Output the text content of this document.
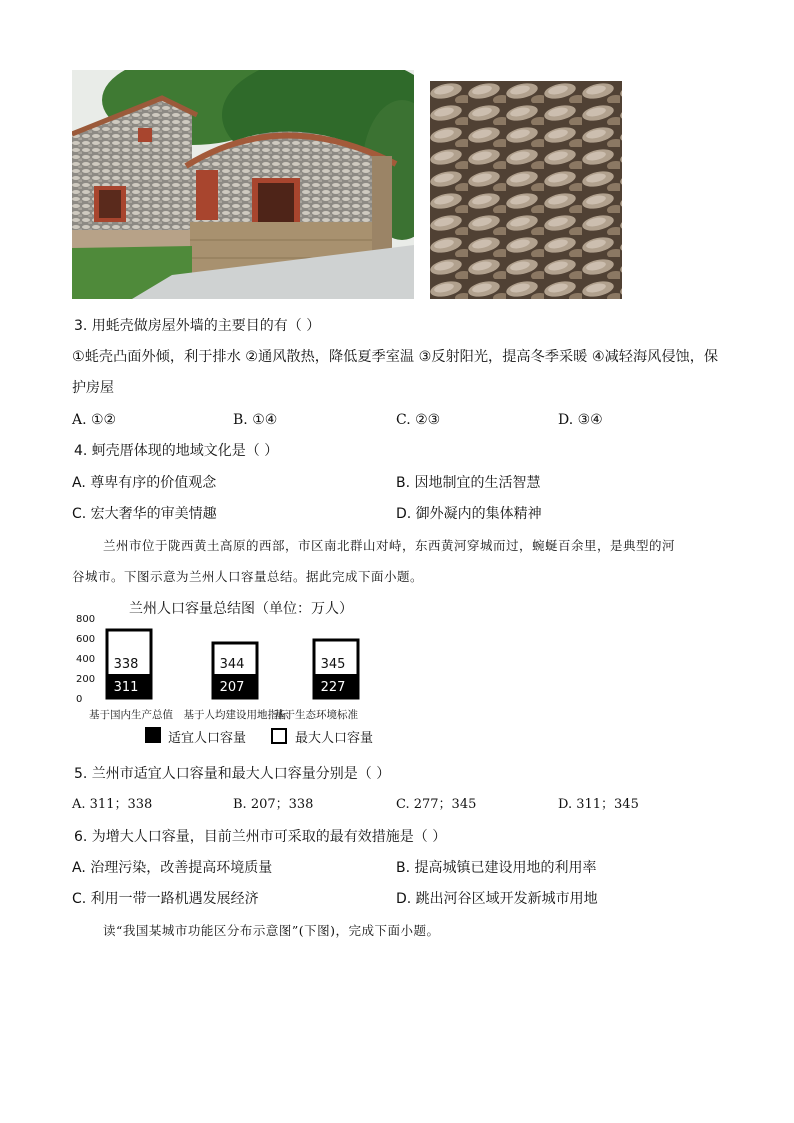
3. 用蚝壳做房屋外墙的主要目的有（ ）
①蚝壳凸面外倾，利于排水 ②通风散热，降低夏季室温 ③反射阳光，提高冬季采暖 ④减轻海风侵蚀，保
护房屋
A. ①②	B. ①④	C. ②③	D. ③④
4. 蚵壳厝体现的地域文化是（ ）
A. 尊卑有序的价值观念	B. 因地制宜的生活智慧
C. 宏大奢华的审美情趣	D. 御外凝内的集体精神
兰州市位于陇西黄土高原的西部，市区南北群山对峙，东西黄河穿城而过，蜿蜒百余里，是典型的河
谷城市。下图示意为兰州人口容量总结。据此完成下面小题。
兰州人口容量总结图（单位：万人）
800
600
400
200
0
338
311
基于国内生产总值
344
207
基于人均建设用地指标
345
227
基于生态环境标准
适宜人口容量	最大人口容量
5. 兰州市适宜人口容量和最大人口容量分别是（ ）
A. 311；338	B. 207；338	C. 277；345	D. 311；345
6. 为增大人口容量，目前兰州市可采取的最有效措施是（ ）
A. 治理污染，改善提高环境质量	B. 提高城镇已建设用地的利用率
C. 利用一带一路机遇发展经济	D. 跳出河谷区域开发新城市用地
读“我国某城市功能区分布示意图”(下图)，完成下面小题。
